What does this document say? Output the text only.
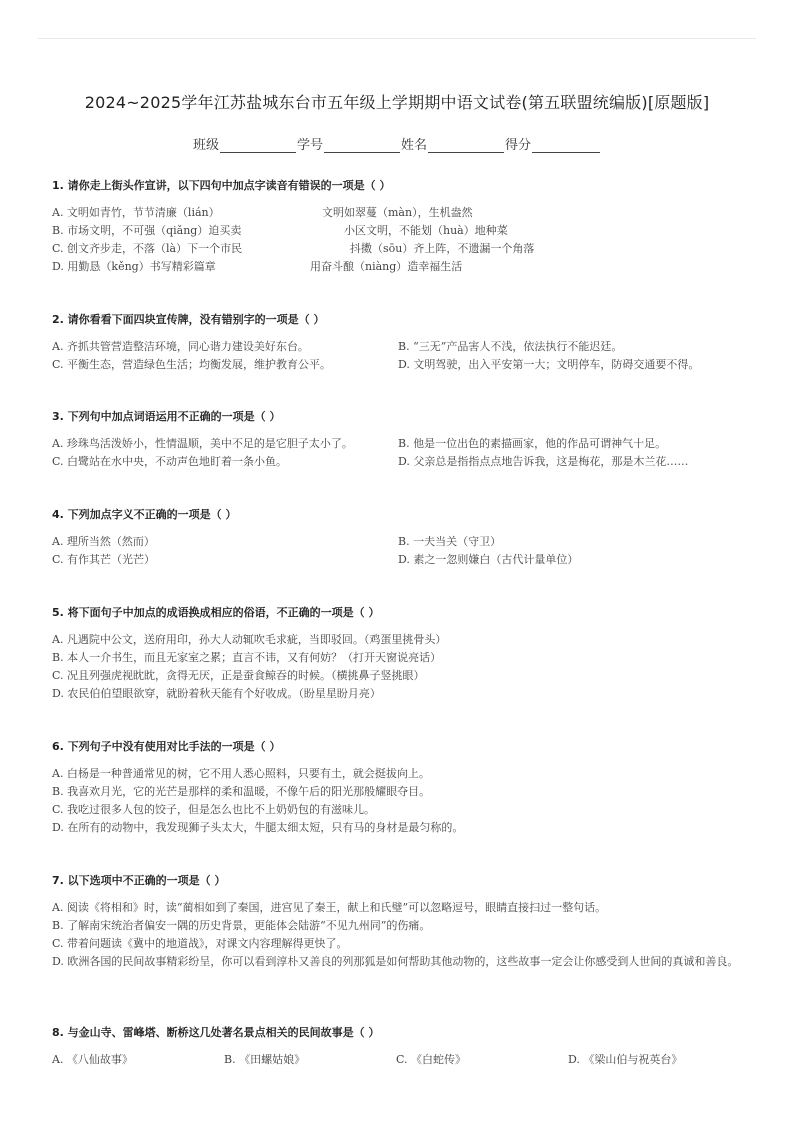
2024~2025学年江苏盐城东台市五年级上学期期中语文试卷(第五联盟统编版)[原题版]
班级	学号	姓名	得分
1. 请你走上街头作宣讲，以下四句中加点字读音有错误的一项是（ ）
A. 文明如青竹，节节清廉（lián）	文明如翠蔓（màn），生机盎然
B. 市场文明，不可强（qiǎng）迫买卖	小区文明，不能划（huà）地种菜
C. 创文齐步走，不落（là）下一个市民	抖擞（sōu）齐上阵，不遗漏一个角落
D. 用勤恳（kěng）书写精彩篇章	用奋斗酿（niàng）造幸福生活
2. 请你看看下面四块宣传牌，没有错别字的一项是（ ）
A. 齐抓共管营造整洁环境，同心谐力建设美好东台。	B. “三无”产品害人不浅，依法执行不能迟廷。
C. 平衡生态，营造绿色生活；均衡发展，维护教育公平。	D. 文明驾驶，出入平安第一大；文明停车，防碍交通要不得。
3. 下列句中加点词语运用不正确的一项是（ ）
A. 珍珠鸟活泼娇小，性情温顺，美中不足的是它胆子太小了。	B. 他是一位出色的素描画家，他的作品可谓神气十足。
C. 白鹭站在水中央，不动声色地盯着一条小鱼。	D. 父亲总是指指点点地告诉我，这是梅花，那是木兰花……
4. 下列加点字义不正确的一项是（ ）
A. 理所当然（然而）	B. 一夫当关（守卫）
C. 有作其芒（光芒）	D. 素之一忽则嫌白（古代计量单位）
5. 将下面句子中加点的成语换成相应的俗语，不正确的一项是（ ）
A. 凡遇院中公文，送府用印，孙大人动辄吹毛求疵，当即驳回。（鸡蛋里挑骨头）
B. 本人一介书生，而且无家室之累；直言不讳，又有何妨？（打开天窗说亮话）
C. 况且列强虎视眈眈，贪得无厌，正是蚕食鲸吞的时候。（横挑鼻子竖挑眼）
D. 农民伯伯望眼欲穿，就盼着秋天能有个好收成。（盼星星盼月亮）
6. 下列句子中没有使用对比手法的一项是（ ）
A. 白杨是一种普通常见的树，它不用人悉心照料，只要有土，就会挺拔向上。
B. 我喜欢月光，它的光芒是那样的柔和温暖，不像午后的阳光那般耀眼夺目。
C. 我吃过很多人包的饺子，但是怎么也比不上奶奶包的有滋味儿。
D. 在所有的动物中，我发现狮子头太大，牛腿太细太短，只有马的身材是最匀称的。
7. 以下选项中不正确的一项是（ ）
A. 阅读《将相和》时，读“蔺相如到了秦国，进宫见了秦王，献上和氏璧”可以忽略逗号，眼睛直接扫过一整句话。
B. 了解南宋统治者偏安一隅的历史背景，更能体会陆游“不见九州同”的伤痛。
C. 带着问题读《冀中的地道战》，对课文内容理解得更快了。
D. 欧洲各国的民间故事精彩纷呈，你可以看到淳朴又善良的列那狐是如何帮助其他动物的，这些故事一定会让你感受到人世间的真诚和善良。
8. 与金山寺、雷峰塔、断桥这几处著名景点相关的民间故事是（ ）
A. 《八仙故事》	B. 《田螺姑娘》	C. 《白蛇传》	D. 《梁山伯与祝英台》
